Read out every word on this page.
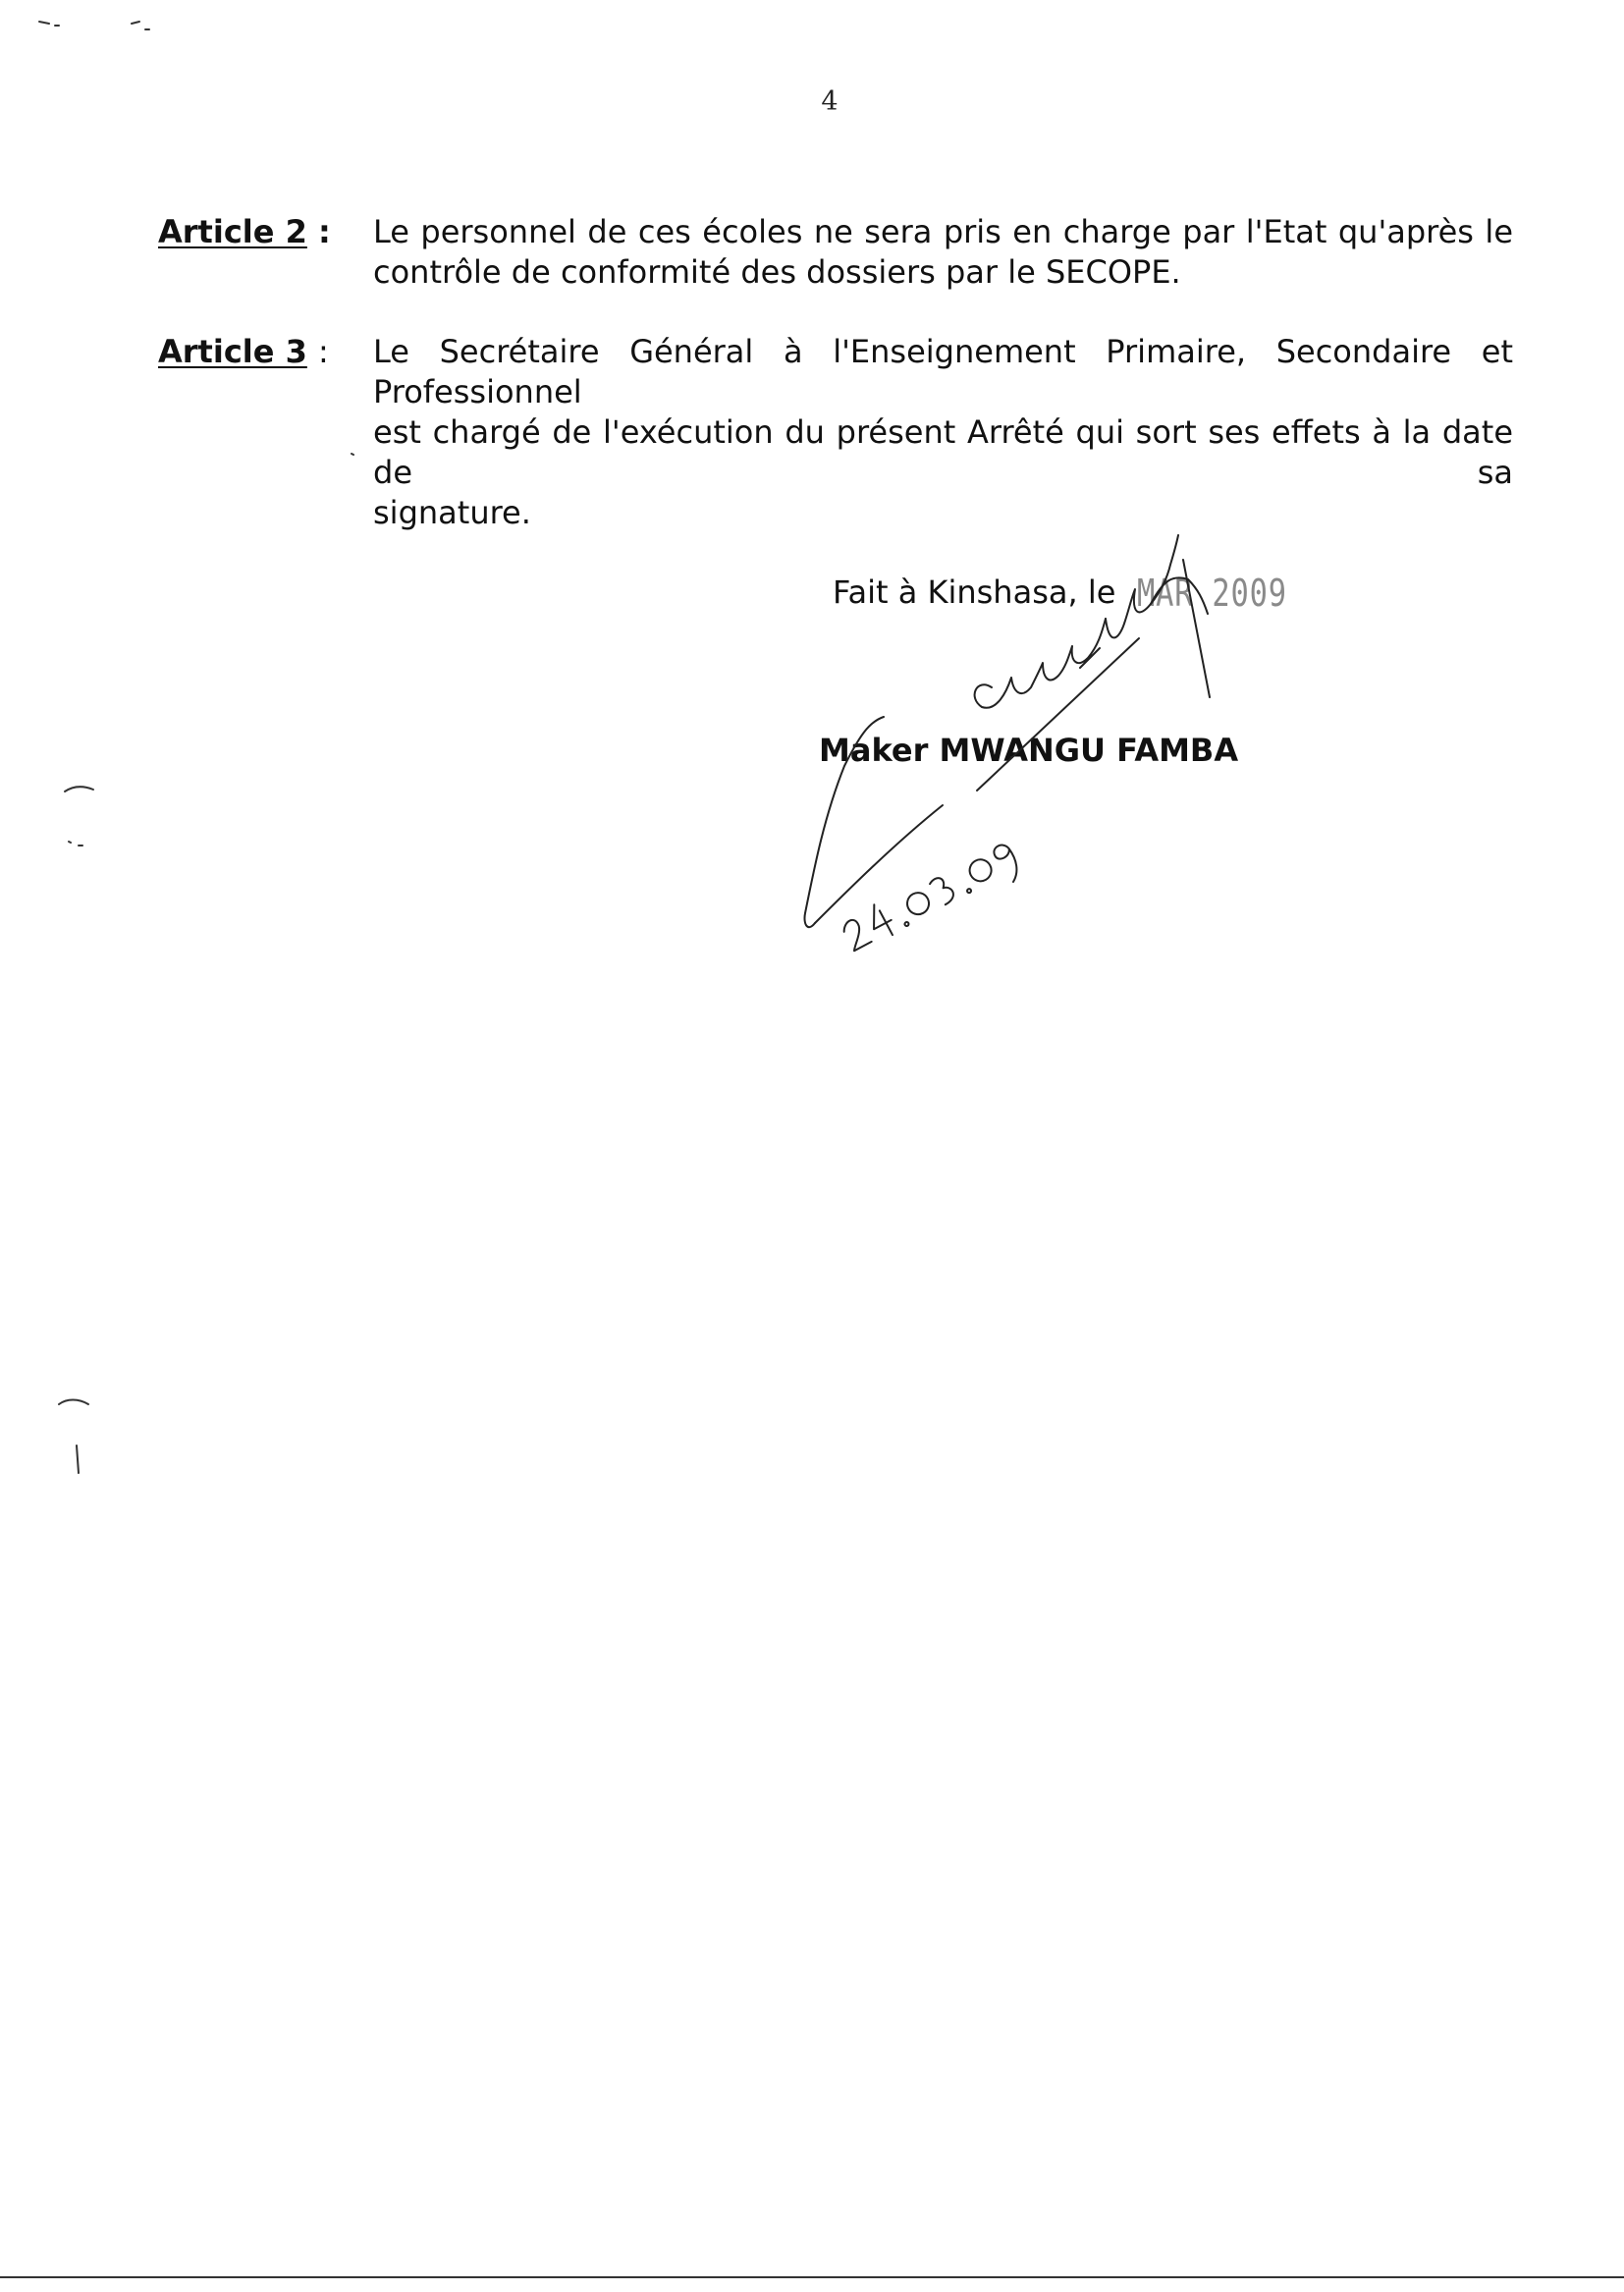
4
Article 2 :	Le personnel de ces écoles ne sera pris en charge par l'Etat qu'après le
contrôle de conformité des dossiers par le SECOPE.
Article 3 :	Le Secrétaire Général à l'Enseignement Primaire, Secondaire et Professionnel
est chargé de l'exécution du présent Arrêté qui sort ses effets à la date de sa
signature.
Fait à Kinshasa, le MAR 2009
Maker MWANGU FAMBA
